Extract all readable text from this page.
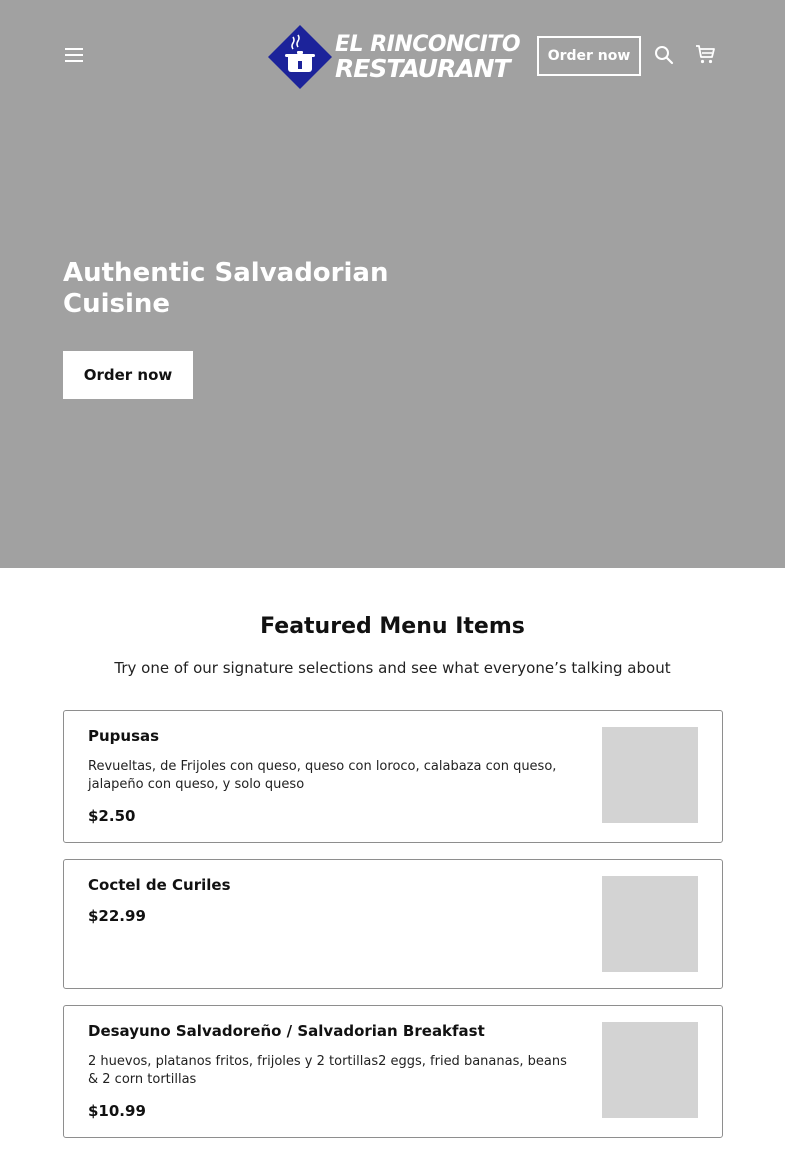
EL RINCONCITO
RESTAURANT	Order now
Authentic Salvadorian Cuisine
Order now
Featured Menu Items

Try one of our signature selections and see what everyone’s talking about

Pupusas
Revueltas, de Frijoles con queso, queso con loroco, calabaza con queso, jalapeño con queso, y solo queso
$2.50
Coctel de Curiles
$22.99
Desayuno Salvadoreño / Salvadorian Breakfast
2 huevos, platanos fritos, frijoles y 2 tortillas2 eggs, fried bananas, beans & 2 corn tortillas
$10.99
